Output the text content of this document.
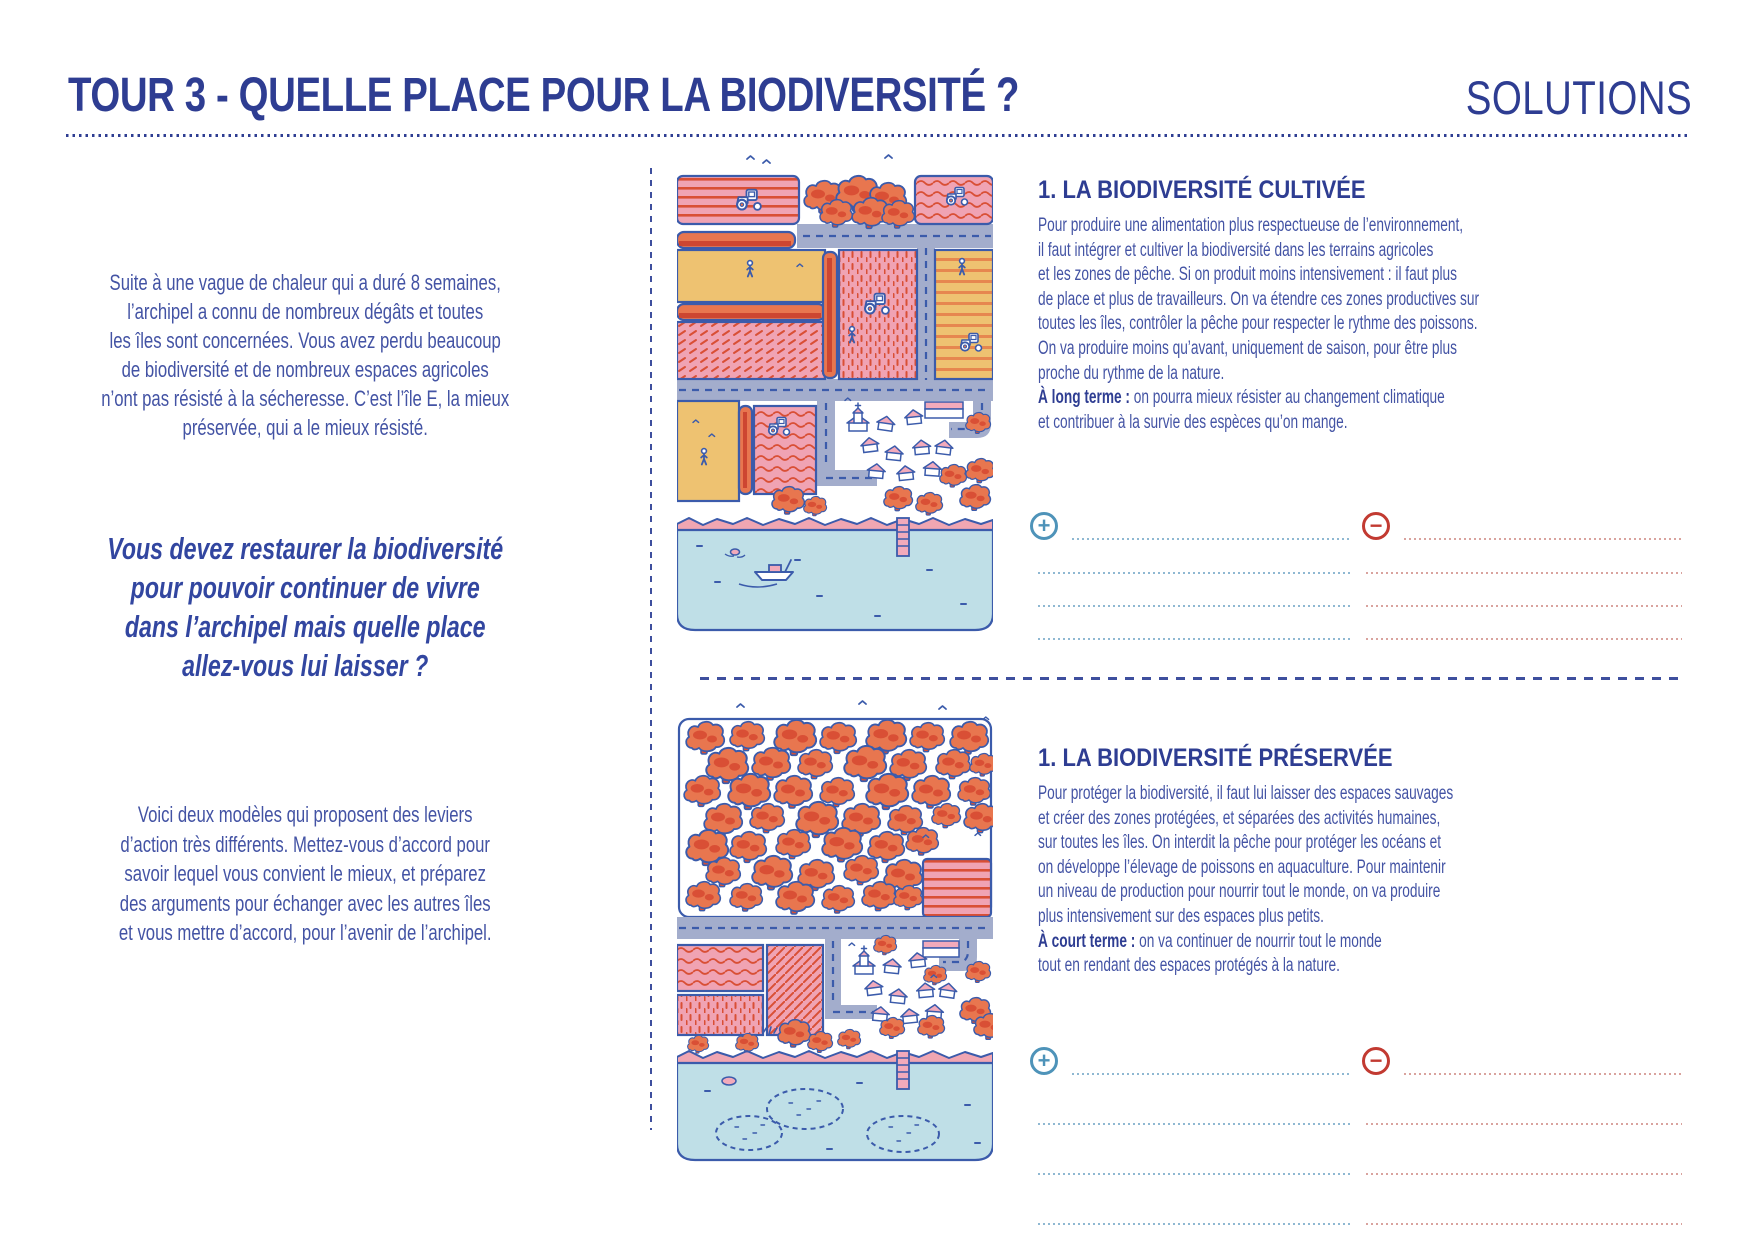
TOUR 3 - QUELLE PLACE POUR LA BIODIVERSITÉ ?	SOLUTIONS
Suite à une vague de chaleur qui a duré 8 semaines,
l’archipel a connu de nombreux dégâts et toutes
les îles sont concernées. Vous avez perdu beaucoup
de biodiversité et de nombreux espaces agricoles
n’ont pas résisté à la sécheresse. C’est l’île E, la mieux
préservée, qui a le mieux résisté.
Vous devez restaurer la biodiversité
pour pouvoir continuer de vivre
dans l’archipel mais quelle place
allez-vous lui laisser ?
Voici deux modèles qui proposent des leviers
d’action très différents. Mettez-vous d’accord pour
savoir lequel vous convient le mieux, et préparez
des arguments pour échanger avec les autres îles
et vous mettre d’accord, pour l’avenir de l’archipel.
1. LA BIODIVERSITÉ CULTIVÉE
Pour produire une alimentation plus respectueuse de l’environnement,
il faut intégrer et cultiver la biodiversité dans les terrains agricoles
et les zones de pêche. Si on produit moins intensivement : il faut plus
de place et plus de travailleurs. On va étendre ces zones productives sur
toutes les îles, contrôler la pêche pour respecter le rythme des poissons.
On va produire moins qu’avant, uniquement de saison, pour être plus
proche du rythme de la nature.
À long terme : on pourra mieux résister au changement climatique
et contribuer à la survie des espèces qu’on mange.
+	−
1. LA BIODIVERSITÉ PRÉSERVÉE
Pour protéger la biodiversité, il faut lui laisser des espaces sauvages
et créer des zones protégées, et séparées des activités humaines,
sur toutes les îles. On interdit la pêche pour protéger les océans et
on développe l’élevage de poissons en aquaculture. Pour maintenir
un niveau de production pour nourrir tout le monde, on va produire
plus intensivement sur des espaces plus petits.
À court terme : on va continuer de nourrir tout le monde
tout en rendant des espaces protégés à la nature.
+	−
